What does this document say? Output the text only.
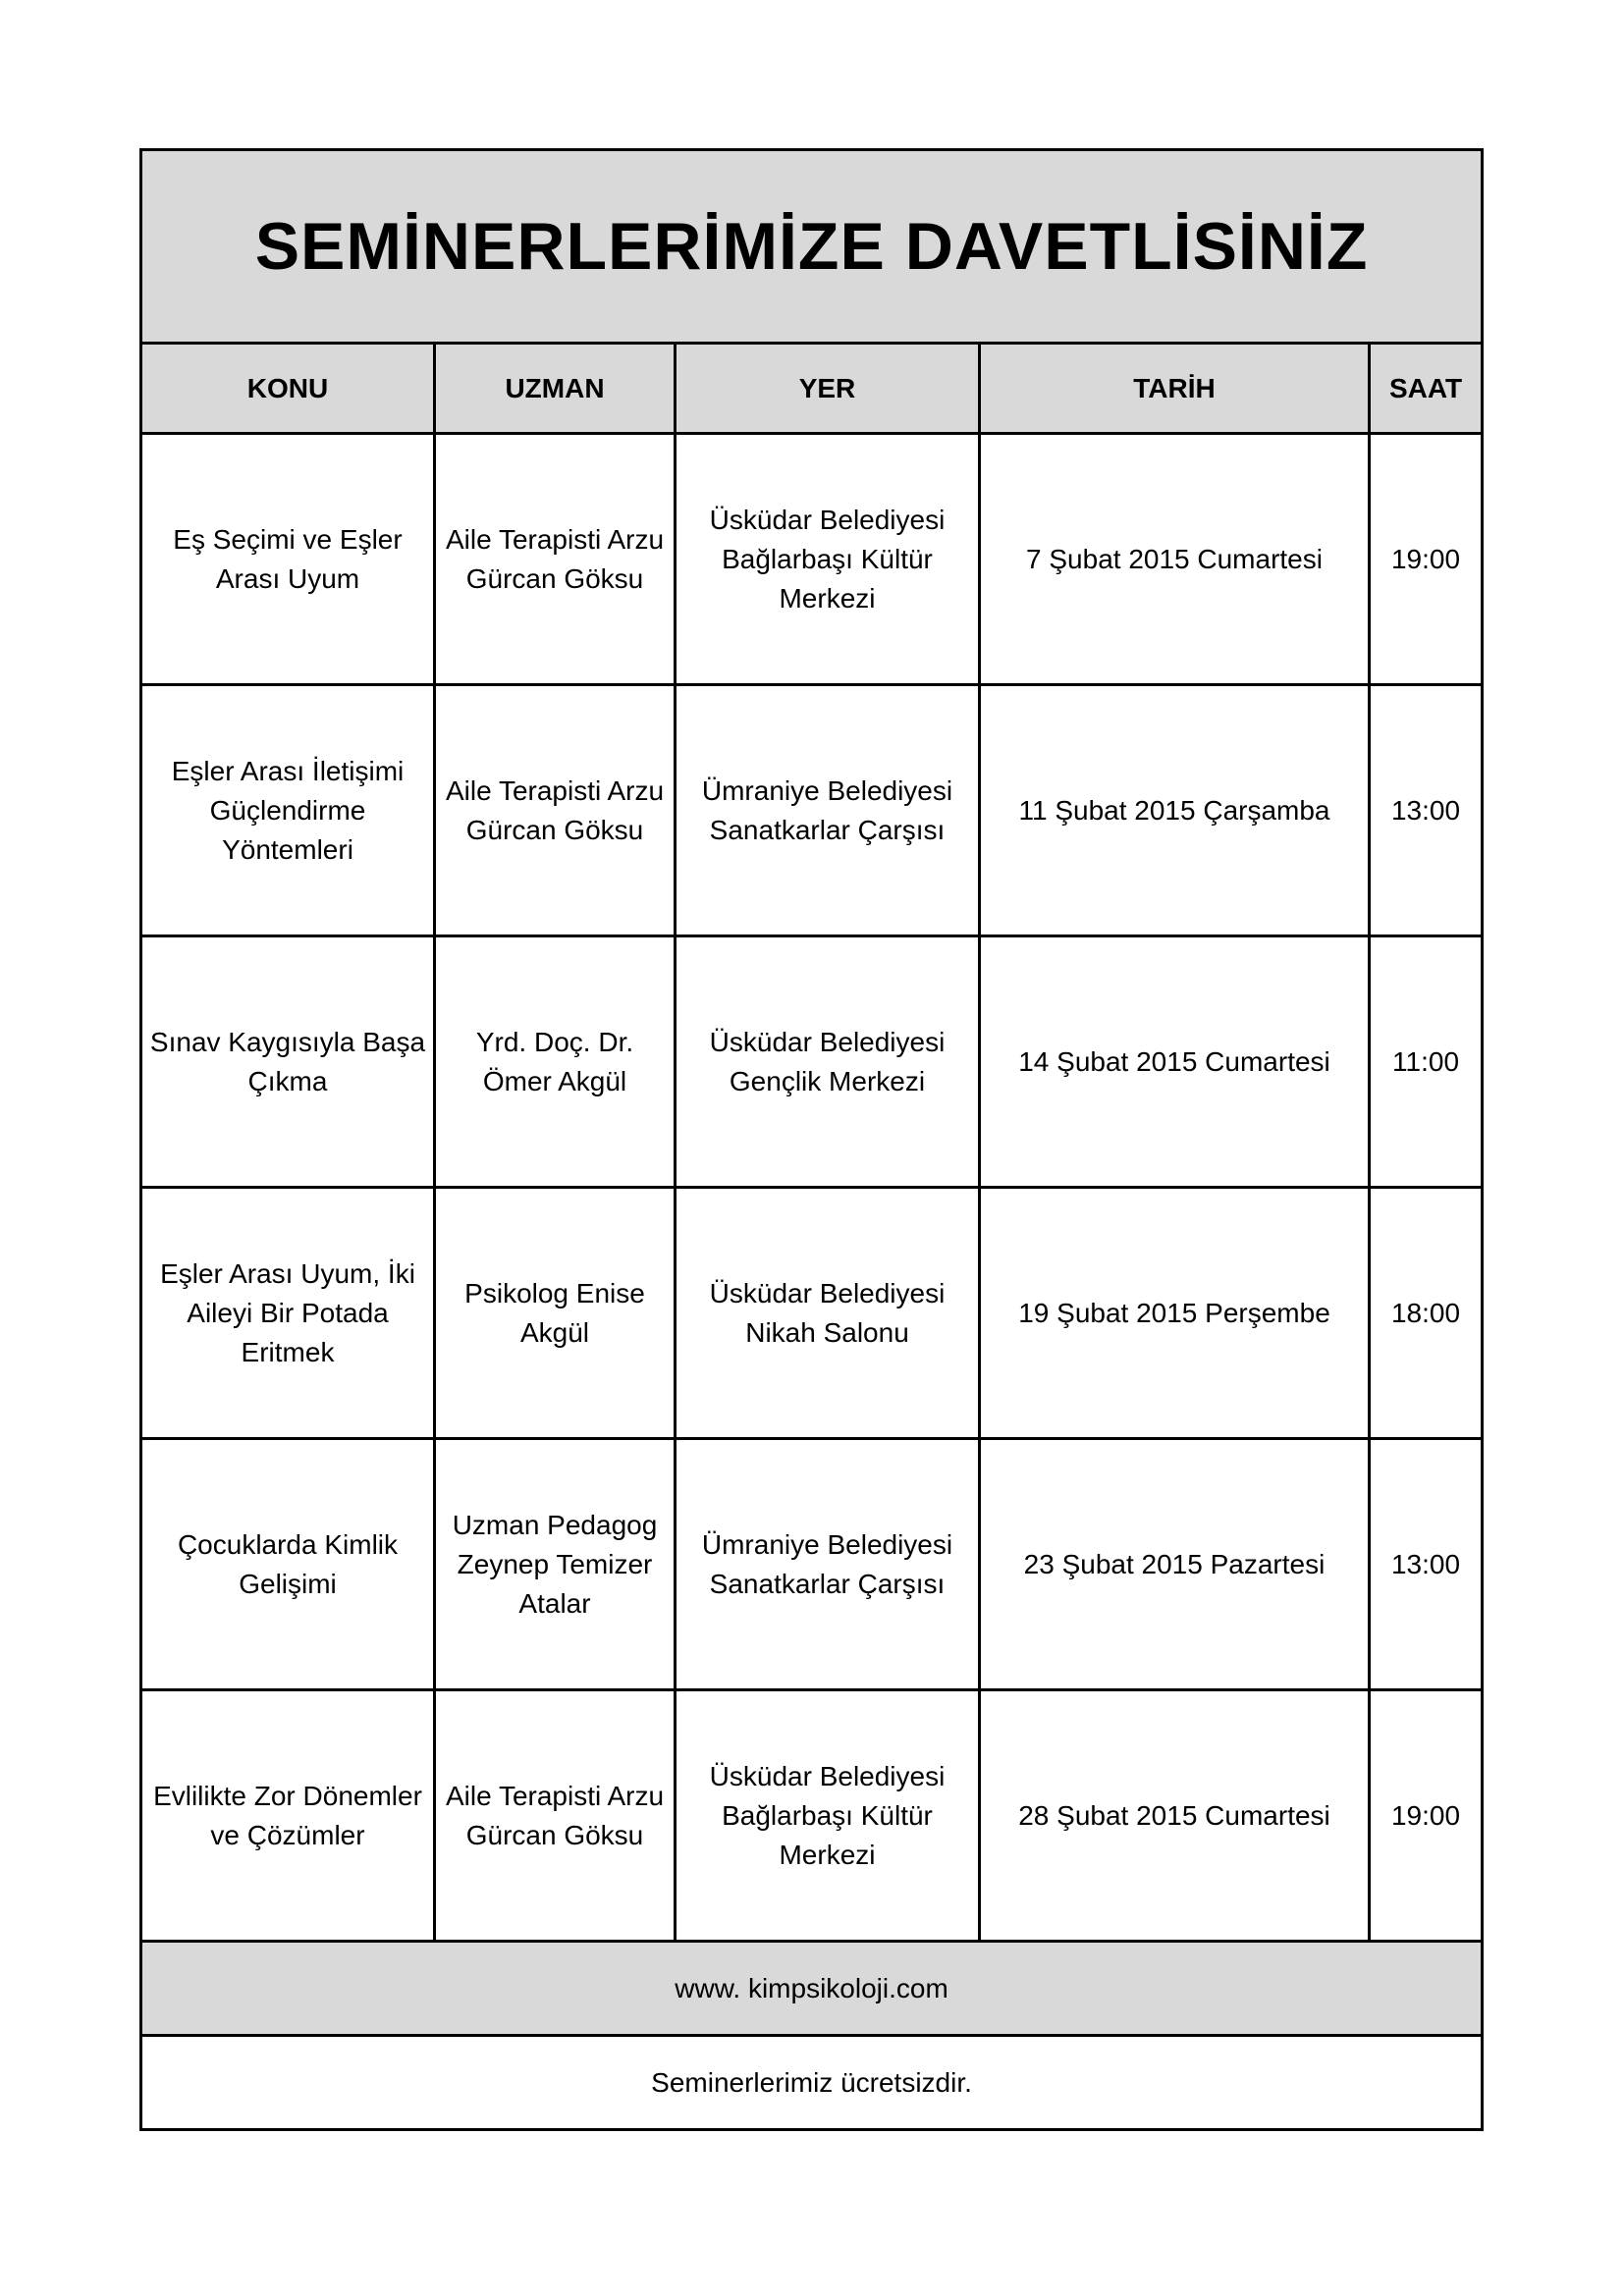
SEMİNERLERİMİZE DAVETLİSİNİZ				
KONU	UZMAN	YER	TARİH	SAAT
Eş Seçimi ve Eşler Arası Uyum	Aile Terapisti Arzu Gürcan Göksu	Üsküdar Belediyesi Bağlarbaşı Kültür Merkezi	7 Şubat 2015 Cumartesi	19:00
Eşler Arası İletişimi Güçlendirme Yöntemleri	Aile Terapisti Arzu Gürcan Göksu	Ümraniye Belediyesi Sanatkarlar Çarşısı	11 Şubat 2015 Çarşamba	13:00
Sınav Kaygısıyla Başa Çıkma	Yrd. Doç. Dr. Ömer Akgül	Üsküdar Belediyesi Gençlik Merkezi	14 Şubat 2015 Cumartesi	11:00
Eşler Arası Uyum, İki Aileyi Bir Potada Eritmek	Psikolog Enise Akgül	Üsküdar Belediyesi Nikah Salonu	19 Şubat 2015 Perşembe	18:00
Çocuklarda Kimlik Gelişimi	Uzman Pedagog Zeynep Temizer Atalar	Ümraniye Belediyesi Sanatkarlar Çarşısı	23 Şubat 2015 Pazartesi	13:00
Evlilikte Zor Dönemler ve Çözümler	Aile Terapisti Arzu Gürcan Göksu	Üsküdar Belediyesi Bağlarbaşı Kültür Merkezi	28 Şubat 2015 Cumartesi	19:00
www. kimpsikoloji.com				
Seminerlerimiz ücretsizdir.				
